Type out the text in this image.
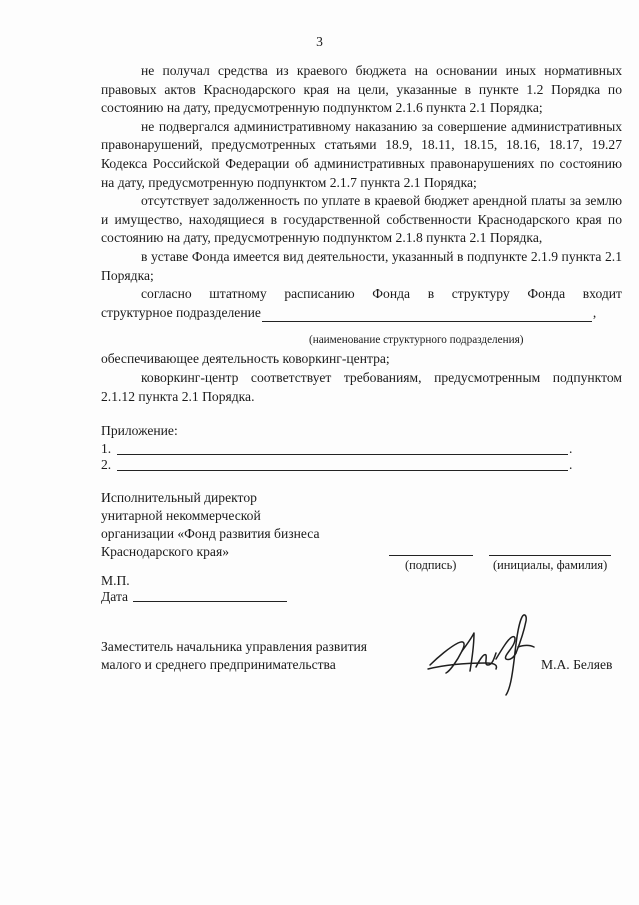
3

не получал средства из краевого бюджета на основании иных нормативных правовых актов Краснодарского края на цели, указанные в пункте 1.2 Порядка по состоянию на дату, предусмотренную подпунктом 2.1.6 пункта 2.1 Порядка;

не подвергался административному наказанию за совершение административных правонарушений, предусмотренных статьями 18.9, 18.11, 18.15, 18.16, 18.17, 19.27 Кодекса Российской Федерации об административных правонарушениях по состоянию на дату, предусмотренную подпунктом 2.1.7 пункта 2.1 Порядка;

отсутствует задолженность по уплате в краевой бюджет арендной платы за землю и имущество, находящиеся в государственной собственности Краснодарского края по состоянию на дату, предусмотренную подпунктом 2.1.8 пункта 2.1 Порядка,

в уставе Фонда имеется вид деятельности, указанный в подпункте 2.1.9 пункта 2.1 Порядка;

согласно штатному расписанию Фонда в структуру Фонда входит

структурное подразделение	,
(наименование структурного подразделения)
обеспечивающее деятельность коворкинг-центра;

коворкинг-центр соответствует требованиям, предусмотренным подпунктом 2.1.12 пункта 2.1 Порядка.

Приложение:
1.	.
2.	.
Исполнительный директор
унитарной некоммерческой
организации «Фонд развития бизнеса
Краснодарского края»
(подпись)	(инициалы, фамилия)
М.П.
Дата
Заместитель начальника управления развития
малого и среднего предпринимательства	М.А. Беляев
